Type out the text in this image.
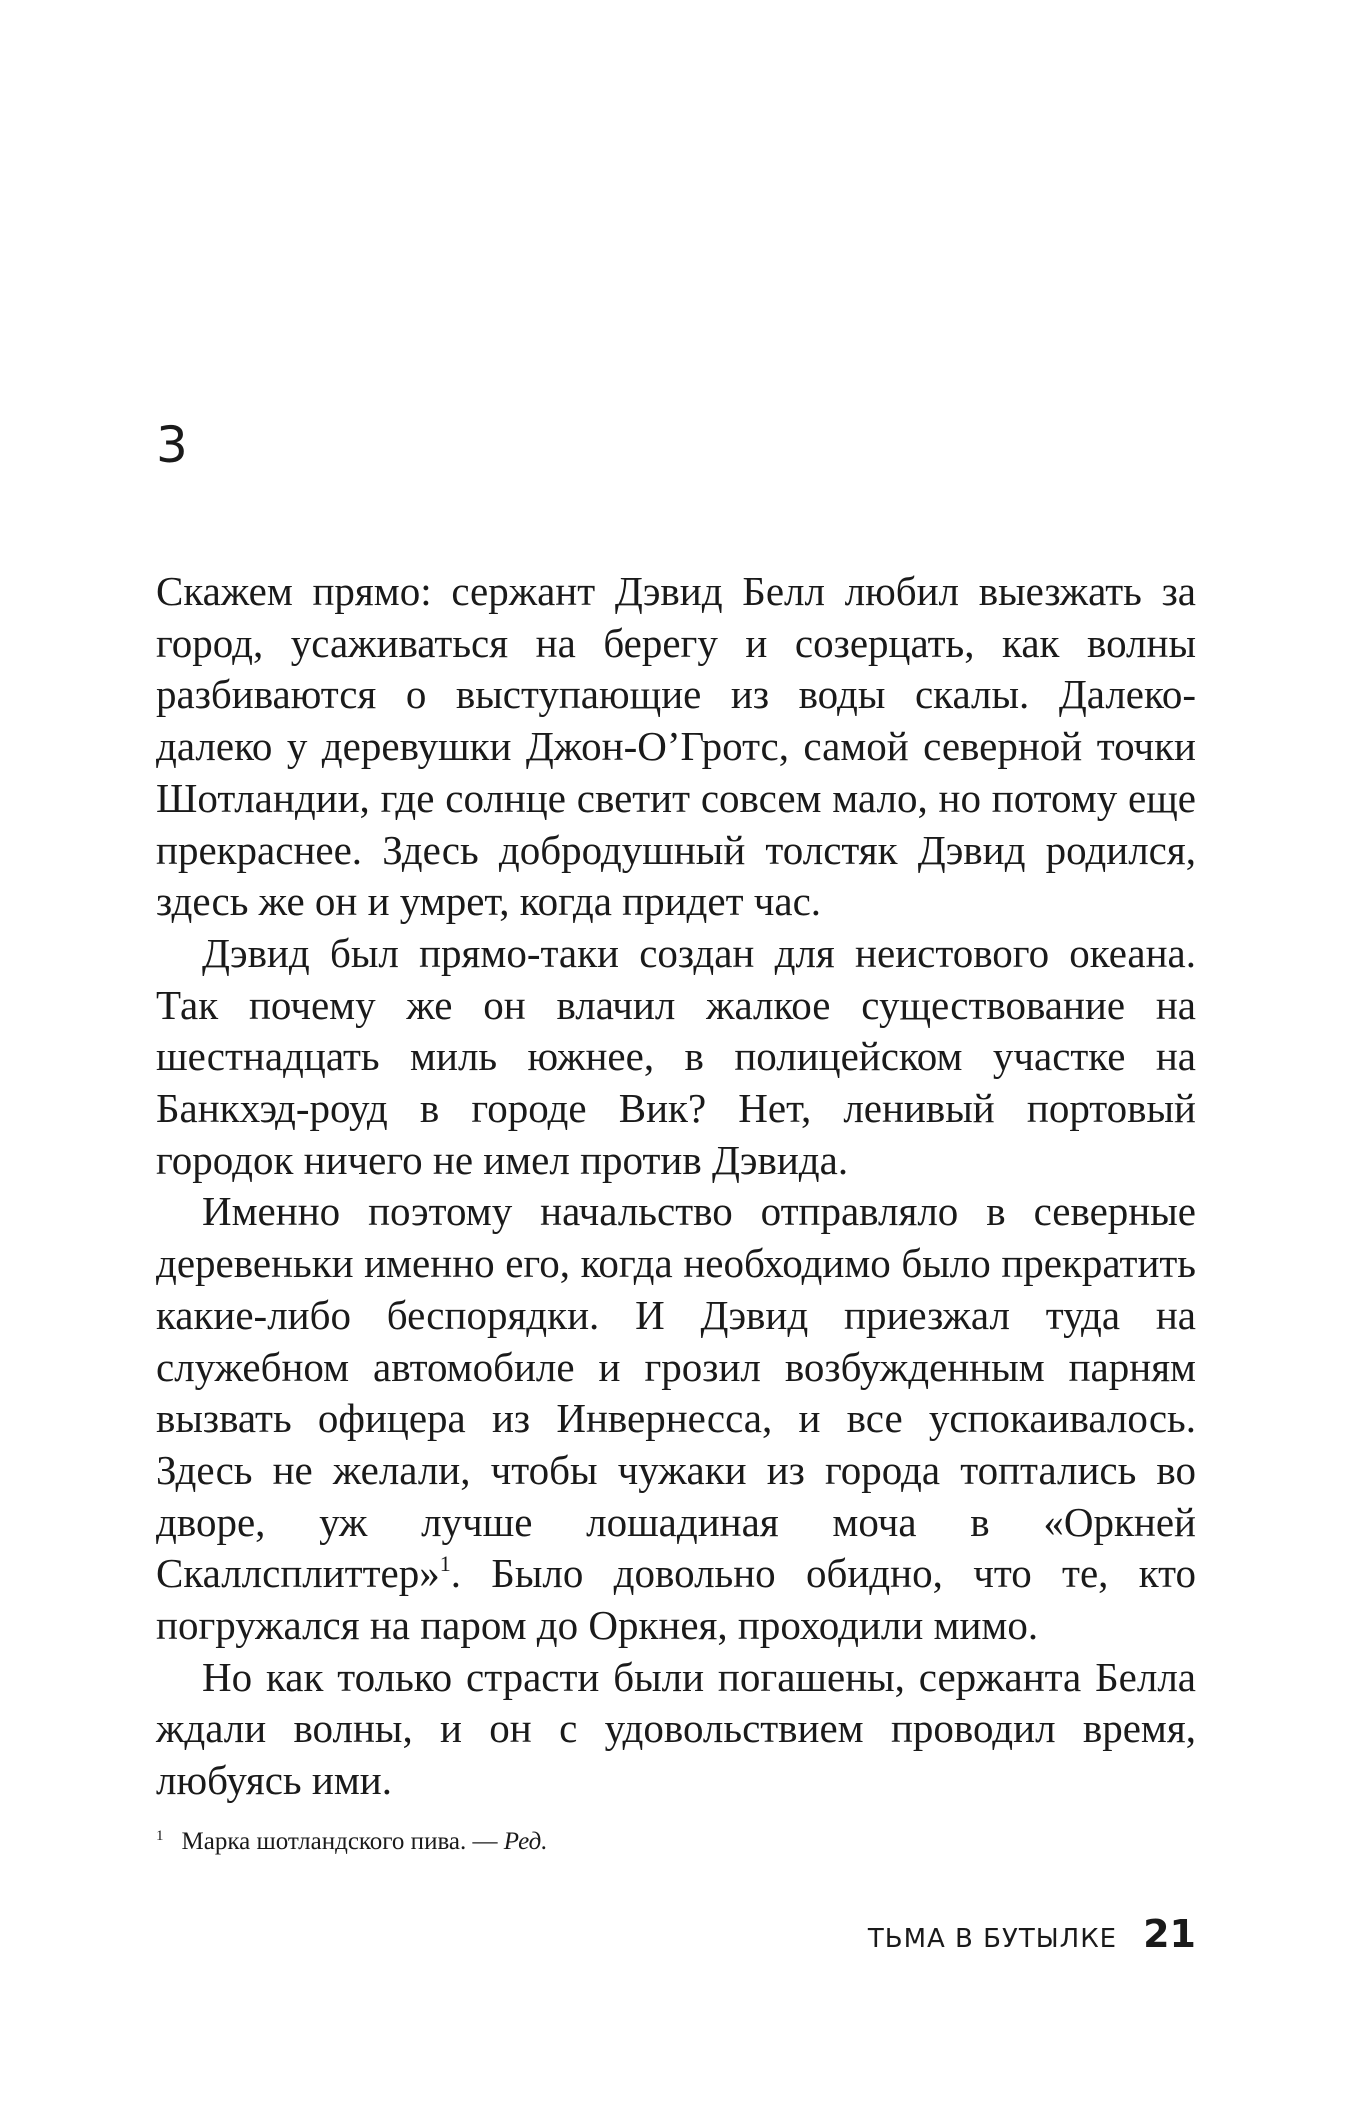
3

Скажем прямо: сержант Дэвид Белл любил выезжать за город, усаживаться на берегу и созерцать, как волны разбиваются о выступающие из воды скалы. Далеко-далеко у деревушки Джон-О’Гротс, самой северной точки Шотландии, где солнце светит совсем мало, но потому еще прекраснее. Здесь добродушный толстяк Дэвид родился, здесь же он и умрет, когда придет час.

Дэвид был прямо-таки создан для неистового океана. Так почему же он влачил жалкое существование на шестнадцать миль южнее, в полицейском участке на Банкхэд-роуд в городе Вик? Нет, ленивый портовый городок ничего не имел против Дэвида.

Именно поэтому начальство отправляло в северные деревеньки именно его, когда необходимо было прекратить какие-либо беспорядки. И Дэвид приезжал туда на служебном автомобиле и грозил возбужденным парням вызвать офицера из Инвернесса, и все успокаивалось. Здесь не желали, чтобы чужаки из города топтались во дворе, уж лучше лошадиная моча в «Оркней Скаллсплиттер»$^1$. Было довольно обидно, что те, кто погружался на паром до Оркнея, проходили мимо.

Но как только страсти были погашены, сержанта Белла ждали волны, и он с удовольствием проводил время, любуясь ими.

$^1$ Марка шотландского пива. — Ред.
ТЬМА В БУТЫЛКЕ 21
